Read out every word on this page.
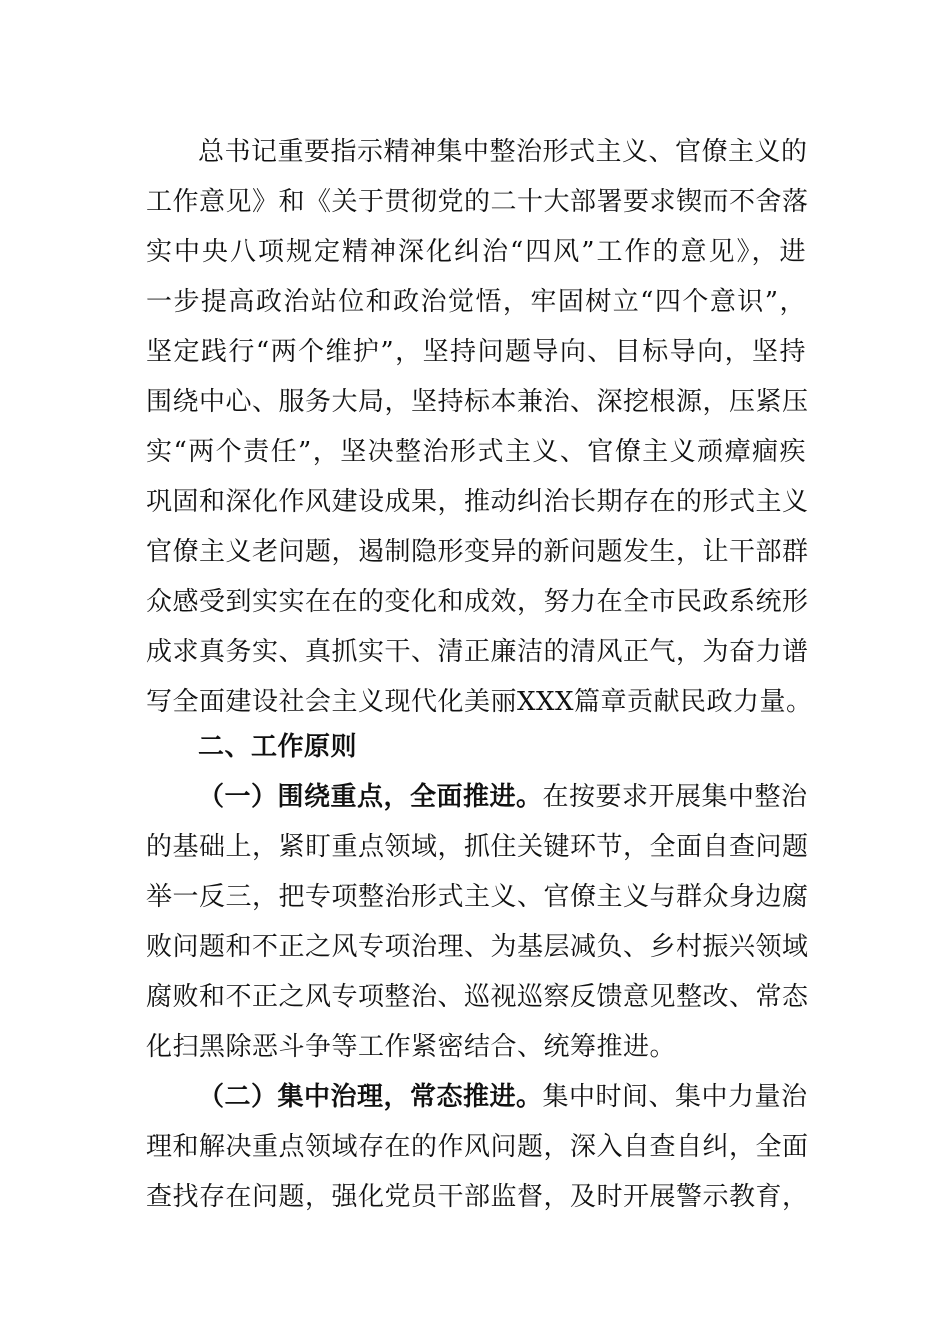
总书记重要指示精神集中整治形式主义、官僚主义的
工作意见》和《关于贯彻党的二十大部署要求锲而不舍落
实中央八项规定精神深化纠治“四风”工作的意见》，进
一步提高政治站位和政治觉悟，牢固树立“四个意识”，
坚定践行“两个维护”，坚持问题导向、目标导向，坚持
围绕中心、服务大局，坚持标本兼治、深挖根源，压紧压
实“两个责任”，坚决整治形式主义、官僚主义顽瘴痼疾
巩固和深化作风建设成果，推动纠治长期存在的形式主义
官僚主义老问题，遏制隐形变异的新问题发生，让干部群
众感受到实实在在的变化和成效，努力在全市民政系统形
成求真务实、真抓实干、清正廉洁的清风正气，为奋力谱
写全面建设社会主义现代化美丽XXX篇章贡献民政力量。
二、工作原则
（一）围绕重点，全面推进。在按要求开展集中整治
的基础上，紧盯重点领域，抓住关键环节，全面自查问题
举一反三，把专项整治形式主义、官僚主义与群众身边腐
败问题和不正之风专项治理、为基层减负、乡村振兴领域
腐败和不正之风专项整治、巡视巡察反馈意见整改、常态
化扫黑除恶斗争等工作紧密结合、统筹推进。
（二）集中治理，常态推进。集中时间、集中力量治
理和解决重点领域存在的作风问题，深入自查自纠，全面
查找存在问题，强化党员干部监督，及时开展警示教育，
